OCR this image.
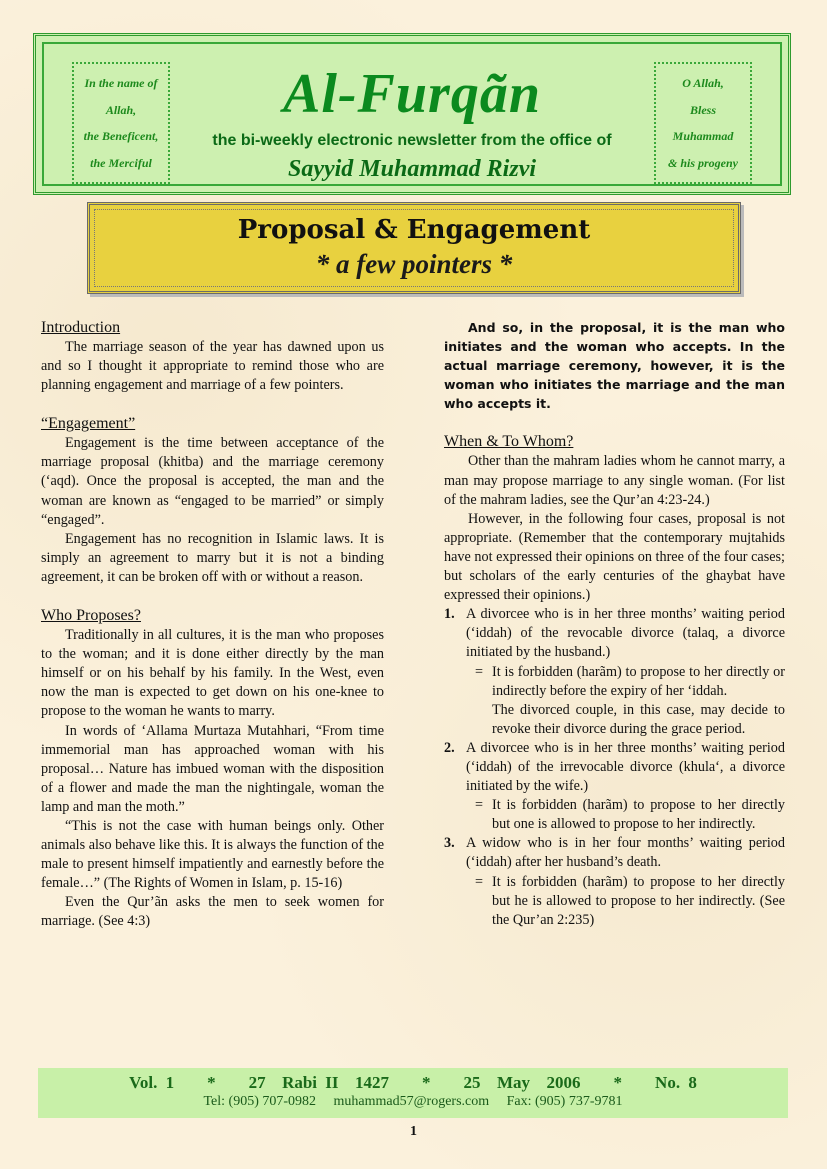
In the name of
Allah,
the Beneficent,
the Merciful
Al-Furqãn
the bi-weekly electronic newsletter from the office of
Sayyid Muhammad Rizvi
O Allah,
Bless
Muhammad
& his progeny
Proposal & Engagement
* a few pointers *

Introduction

The marriage season of the year has dawned upon us and so I thought it appropriate to remind those who are planning engagement and marriage of a few pointers.

“Engagement”

Engagement is the time between acceptance of the marriage proposal (khitba) and the marriage ceremony (‘aqd). Once the proposal is accepted, the man and the woman are known as “engaged to be married” or simply “engaged”.

Engagement has no recognition in Islamic laws. It is simply an agreement to marry but it is not a binding agreement, it can be broken off with or without a reason.

Who Proposes?

Traditionally in all cultures, it is the man who proposes to the woman; and it is done either directly by the man himself or on his behalf by his family. In the West, even now the man is expected to get down on his one-knee to propose to the woman he wants to marry.

In words of ‘Allama Murtaza Mutahhari, “From time immemorial man has approached woman with his proposal… Nature has imbued woman with the disposition of a flower and made the man the nightingale, woman the lamp and man the moth.”

“This is not the case with human beings only. Other animals also behave like this. It is always the function of the male to present himself impatiently and earnestly before the female…” (The Rights of Women in Islam, p. 15-16)

Even the Qur’ãn asks the men to seek women for marriage. (See 4:3)

And so, in the proposal, it is the man who initiates and the woman who accepts. In the actual marriage ceremony, however, it is the woman who initiates the marriage and the man who accepts it.

When & To Whom?

Other than the mahram ladies whom he cannot marry, a man may propose marriage to any single woman. (For list of the mahram ladies, see the Qur’an 4:23-24.)

However, in the following four cases, proposal is not appropriate. (Remember that the contemporary mujtahids have not expressed their opinions on three of the four cases; but scholars of the early centuries of the ghaybat have expressed their opinions.)

1. A divorcee who is in her three months’ waiting period (‘iddah) of the revocable divorce (talaq, a divorce initiated by the husband.)
= It is forbidden (harãm) to propose to her directly or indirectly before the expiry of her ‘iddah.

The divorced couple, in this case, may decide to revoke their divorce during the grace period.

2. A divorcee who is in her three months’ waiting period (‘iddah) of the irrevocable divorce (khula‘, a divorce initiated by the wife.)
= It is forbidden (harãm) to propose to her directly but one is allowed to propose to her indirectly.
3. A widow who is in her four months’ waiting period (‘iddah) after her husband’s death.
= It is forbidden (harãm) to propose to her directly but he is allowed to propose to her indirectly. (See the Qur’an 2:235)
Vol. 1    *    27  Rabi II  1427    *    25  May  2006    *    No. 8
Tel: (905) 707-0982     muhammad57@rogers.com     Fax: (905) 737-9781
1
